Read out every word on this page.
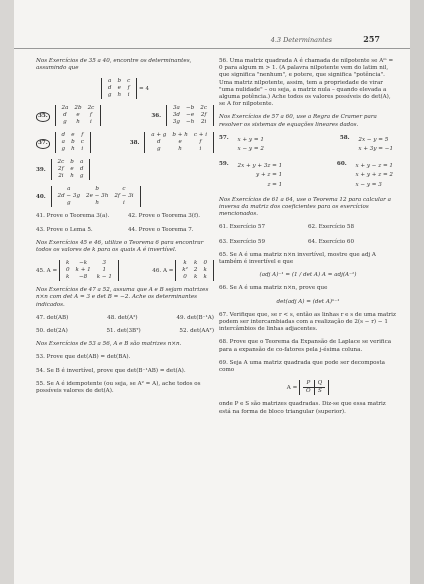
4.3 Determinantes	257
Nos Exercícios de 35 a 40, encontre os determinantes, assumindo que
a	b	c
d	e	f
g	h	i
= 4
35.
2a	2b	2c
d	e	f
g	h	i
36.
3a	−b	2c
3d	−e	2f
3g	−h	2i
37.
d	e	f
a	b	c
g	h	i
38.
a + g	b + h	c + i
d	e	f
g	h	i
39.
2c	b	a
2f	e	d
2i	h	g
40.
a	b	c
2d − 3g	2e − 3h	2f − 3i
g	h	i
41. Prove o Teorema 3(a).	42. Prove o Teorema 3(f).
43. Prove o Lema 5.	44. Prove o Teorema 7.
Nos Exercícios 45 e 46, utilize o Teorema 6 para encontrar todos os valores de k para os quais A é invertível.
45. A =
k	−k	3
0	k + 1	1
k	−8	k − 1
46. A =
k	k	0
k²	2	k
0	k	k
Nos Exercícios de 47 a 52, assuma que A e B sejam matrizes n×n com det A = 3 e det B = −2. Ache os determinantes indicados.
47. det(AB)	48. det(A²)	49. det(B⁻¹A)
50. det(2A)	51. det(3Bᵀ)	52. det(AAᵀ)
Nos Exercícios de 53 a 56, A e B são matrizes n×n.
53. Prove que det(AB) = det(BA).
54. Se B é invertível, prove que det(B⁻¹AB) = det(A).
55. Se A é idempotente (ou seja, se A² = A), ache todos os possíveis valores de det(A).
56. Uma matriz quadrada A é chamada de nilpotente se Aᵐ = 0 para algum m > 1. (A palavra nilpotente vem do latim nil, que significa "nenhum", e potere, que significa "potência". Uma matriz nilpotente, assim, tem a propriedade de virar "uma nulidade" – ou seja, a matriz nula – quando elevada a alguma potência.) Ache todos os valores possíveis do det(A), se A for nilpotente.
Nos Exercícios de 57 a 60, use a Regra de Cramer para resolver os sistemas de equações lineares dados.
57. x + y = 1
x − y = 2
58. 2x − y = 5
x + 3y = −1
59. 2x + y + 3z = 1
y + z = 1
z = 1
60. x + y − z = 1
x + y + z = 2
x − y = 3
Nos Exercícios de 61 a 64, use o Teorema 12 para calcular a inversa da matriz dos coeficientes para os exercícios mencionados.
61. Exercício 57	62. Exercício 58
63. Exercício 59	64. Exercício 60
65. Se A é uma matriz n×n invertível, mostre que adj A também é invertível e que
(adj A)⁻¹ = (1 / det A) A = adj(A⁻¹)
66. Se A é uma matriz n×n, prove que
det(adj A) = (det A)ⁿ⁻¹
67. Verifique que, se r < s, então as linhas r e s de uma matriz podem ser intercambiadas com a realização de 2(s − r) − 1 intercâmbios de linhas adjacentes.
68. Prove que o Teorema da Expansão de Laplace se verifica para a expansão de co-fatores pela j-ésima coluna.
69. Seja A uma matriz quadrada que pode ser decomposta como
A =
P	Q
O	S
onde P e S são matrizes quadradas. Diz-se que essa matriz está na forma de bloco triangular (superior).
